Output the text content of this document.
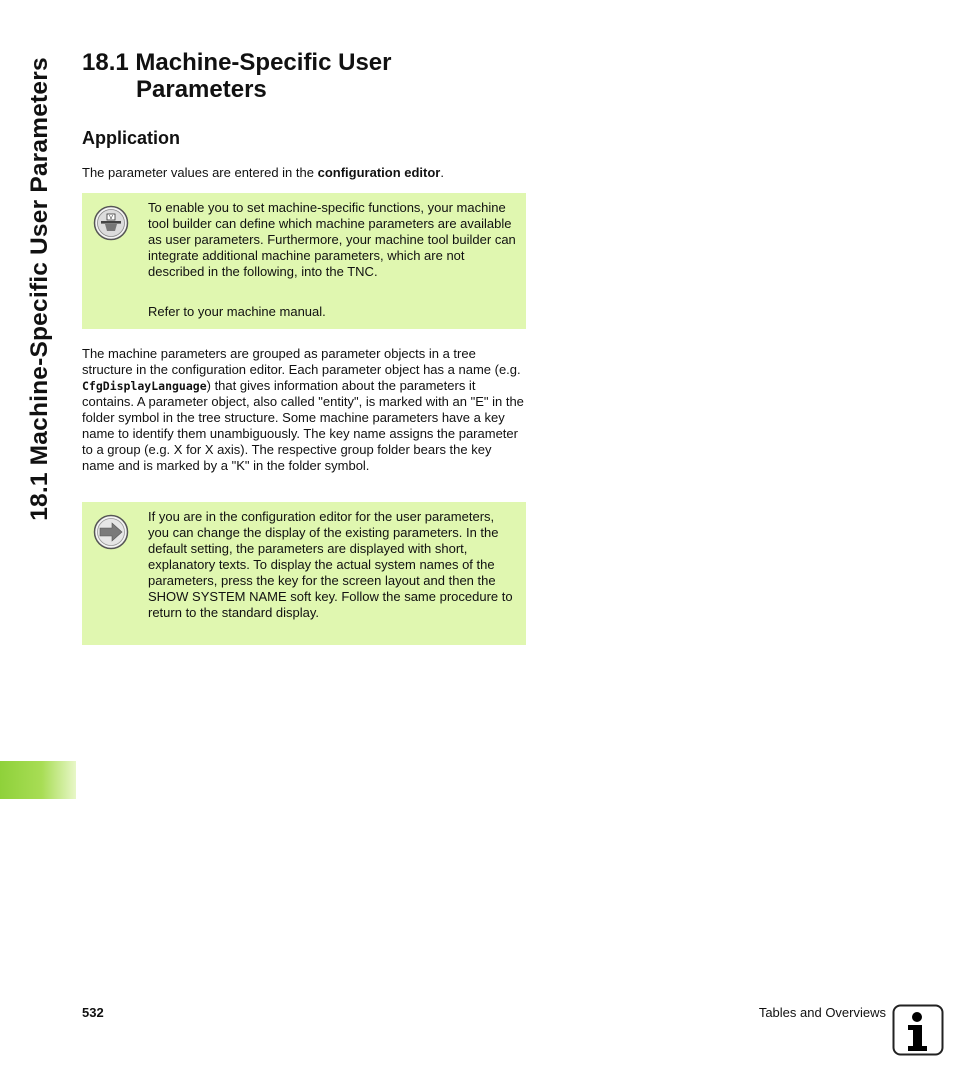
18.1 Machine-Specific User Parameters 18.1 Machine-Specific User
Parameters
Application

The parameter values are entered in the configuration editor.

V

To enable you to set machine-specific functions, your machine tool builder can define which machine parameters are available as user parameters. Furthermore, your machine tool builder can integrate additional machine parameters, which are not described in the following, into the TNC.

Refer to your machine manual.

The machine parameters are grouped as parameter objects in a tree structure in the configuration editor. Each parameter object has a name (e.g. CfgDisplayLanguage) that gives information about the parameters it contains. A parameter object, also called "entity", is marked with an "E" in the folder symbol in the tree structure. Some machine parameters have a key name to identify them unambiguously. The key name assigns the parameter to a group (e.g. X for X axis). The respective group folder bears the key name and is marked by a "K" in the folder symbol.

If you are in the configuration editor for the user parameters, you can change the display of the existing parameters. In the default setting, the parameters are displayed with short, explanatory texts. To display the actual system names of the parameters, press the key for the screen layout and then the SHOW SYSTEM NAME soft key. Follow the same procedure to return to the standard display.

532	Tables and Overviews
